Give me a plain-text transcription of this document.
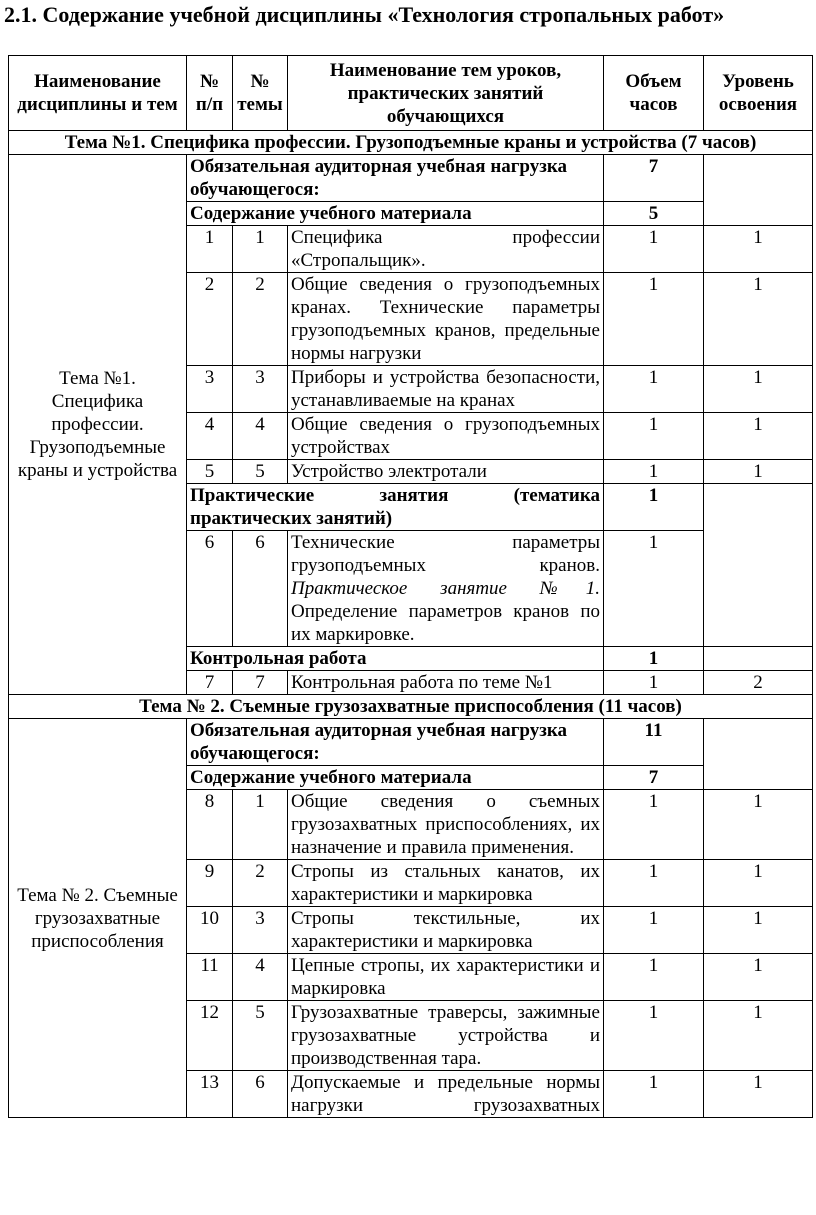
2.1. Содержание учебной дисциплины «Технология стропальных работ»
Наименование дисциплины и тем	№ п/п	№ темы	Наименование тем уроков, практических занятий обучающихся	Объем часов	Уровень освоения
Тема №1. Специфика профессии. Грузоподъемные краны и устройства (7 часов)					
Тема №1. Специфика профессии. Грузоподъемные краны и устройства	Обязательная аудиторная учебная нагрузка обучающегося:			7	
	Содержание учебного материала			5	
	1	1	Специфика профессии «Стропальщик».	1	1
	2	2	Общие сведения о грузоподъемных кранах. Технические параметры грузоподъемных кранов, предельные нормы нагрузки	1	1
	3	3	Приборы и устройства безопасности, устанавливаемые на кранах	1	1
	4	4	Общие сведения о грузоподъемных устройствах	1	1
	5	5	Устройство электротали	1	1
	Практические занятия (тематика практических занятий)			1	
	6	6	Технические параметры грузоподъемных кранов. Практическое занятие №1. Определение параметров кранов по их маркировке.	1	
	Контрольная работа			1	
	7	7	Контрольная работа по теме №1	1	2
Тема № 2. Съемные грузозахватные приспособления (11 часов)					
Тема № 2. Съемные грузозахватные приспособления	Обязательная аудиторная учебная нагрузка обучающегося:			11	
	Содержание учебного материала			7	
	8	1	Общие сведения о съемных грузозахватных приспособлениях, их назначение и правила применения.	1	1
	9	2	Стропы из стальных канатов, их характеристики и маркировка	1	1
	10	3	Стропы текстильные, их характеристики и маркировка	1	1
	11	4	Цепные стропы, их характеристики и маркировка	1	1
	12	5	Грузозахватные траверсы, зажимные грузозахватные устройства и производственная тара.	1	1
	13	6	Допускаемые и предельные нормы нагрузки грузозахватных	1	1
